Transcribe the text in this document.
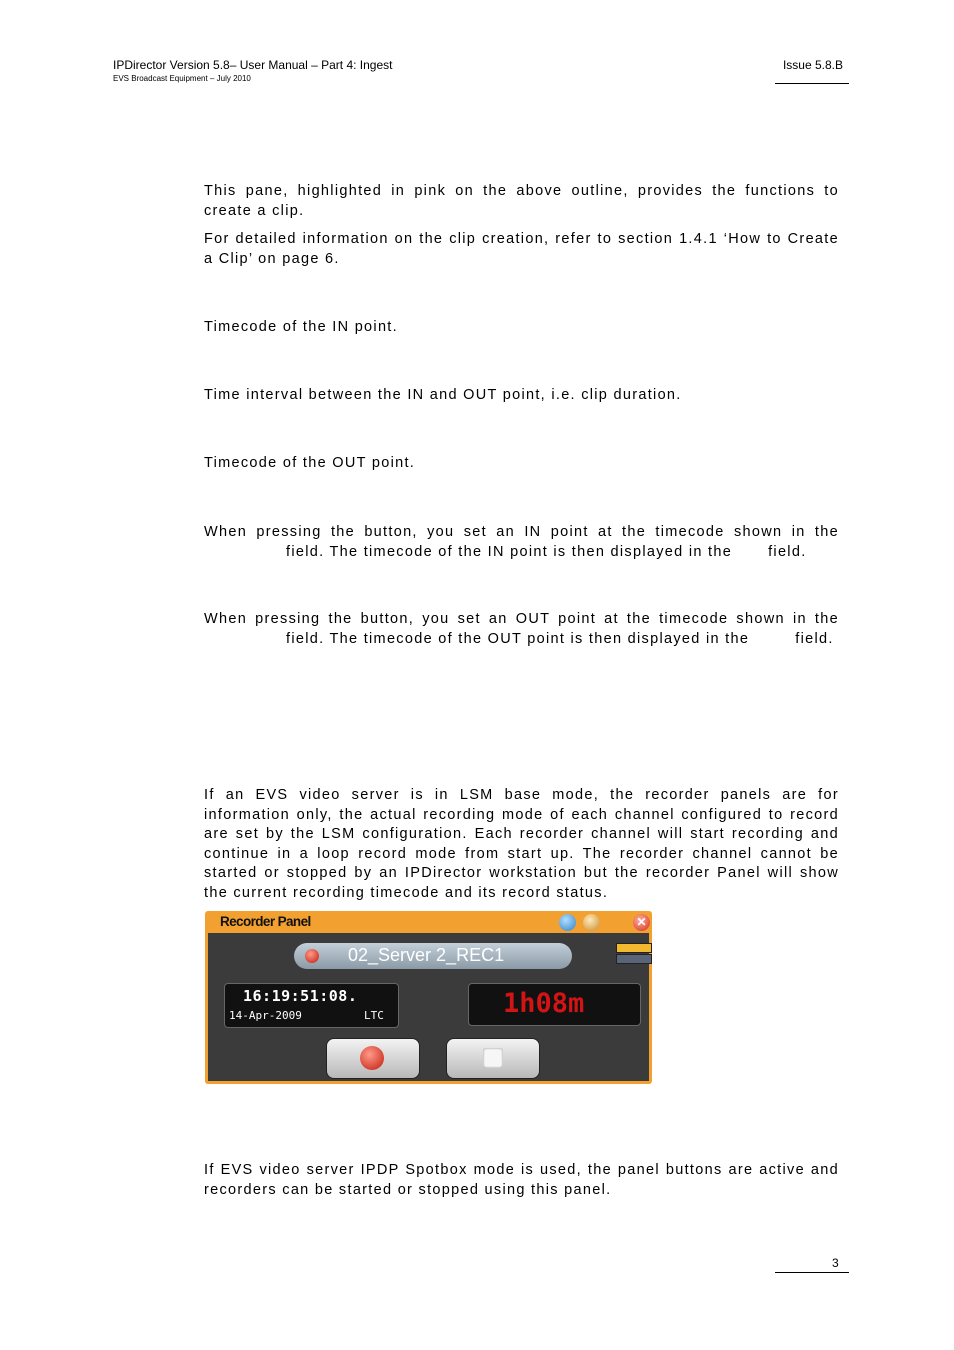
IPDirector Version 5.8– User Manual – Part 4: Ingest
EVS Broadcast Equipment – July 2010
Issue 5.8.B

This pane, highlighted in pink on the above outline, provides the functions to
create a clip.

For detailed information on the clip creation, refer to section 1.4.1 ‘How to Create
a Clip’ on page 6.

Timecode of the IN point.

Time interval between the IN and OUT point, i.e. clip duration.

Timecode of the OUT point.

When pressing the button, you set an IN point at the timecode shown in the
field. The timecode of the IN point is then displayed in the field.

When pressing the button, you set an OUT point at the timecode shown in the
field. The timecode of the OUT point is then displayed in the	field.

If an EVS video server is in LSM base mode, the recorder panels are for
information only, the actual recording mode of each channel configured to record
are set by the LSM configuration. Each recorder channel will start recording and
continue in a loop record mode from start up. The recorder channel cannot be
started or stopped by an IPDirector workstation but the recorder Panel will show
the current recording timecode and its record status.

If EVS video server IPDP Spotbox mode is used, the panel buttons are active and
recorders can be started or stopped using this panel.

Recorder Panel	✕
02_Server 2_REC1
16:19:51:08.
14-Apr-2009	LTC	1h08m
3
